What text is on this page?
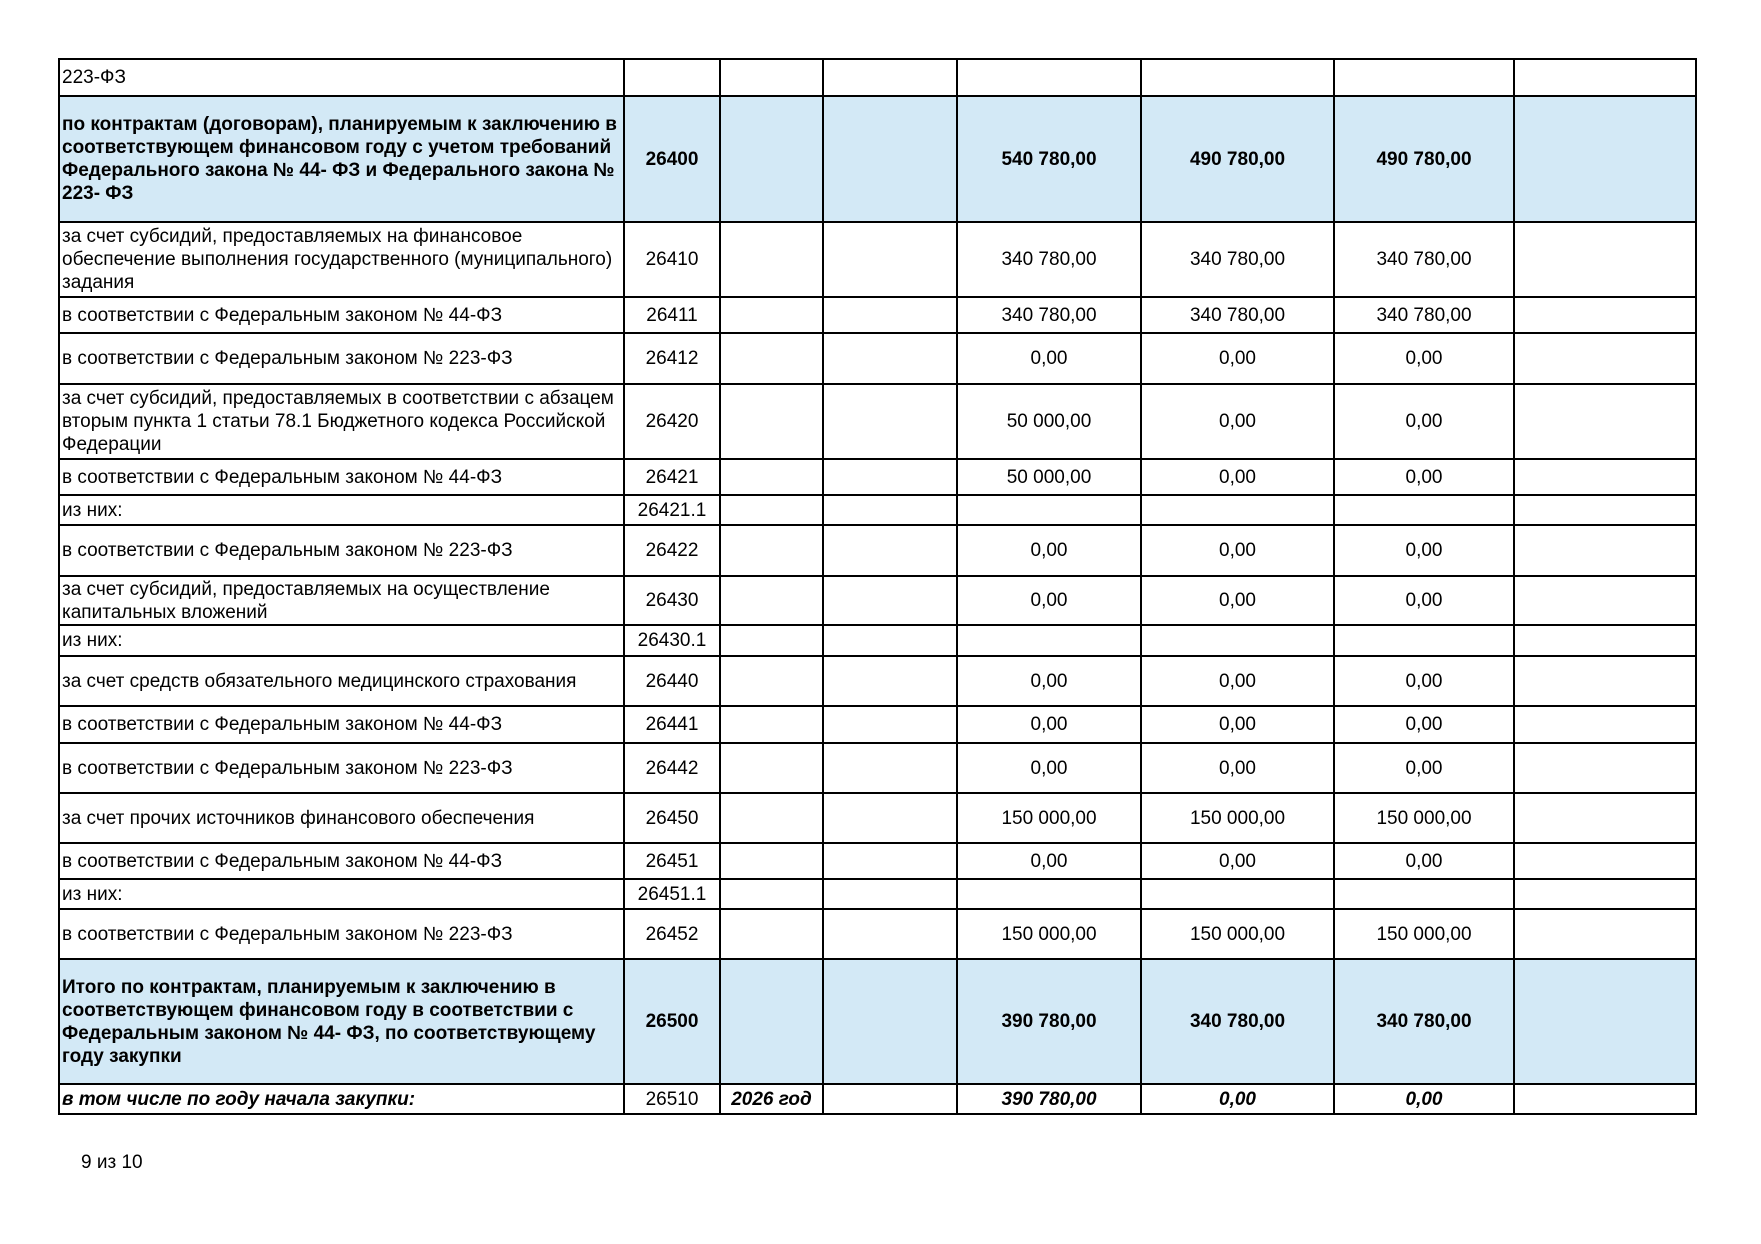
223-ФЗ							
по контрактам (договорам), планируемым к заключению в соответствующем финансовом году с учетом требований Федерального закона № 44- ФЗ и Федерального закона № 223- ФЗ	26400			540 780,00	490 780,00	490 780,00	
за счет субсидий, предоставляемых на финансовое обеспечение выполнения государственного (муниципального) задания	26410			340 780,00	340 780,00	340 780,00	
в соответствии с Федеральным законом № 44-ФЗ	26411			340 780,00	340 780,00	340 780,00	
в соответствии с Федеральным законом № 223-ФЗ	26412			0,00	0,00	0,00	
за счет субсидий, предоставляемых в соответствии с абзацем вторым пункта 1 статьи 78.1 Бюджетного кодекса Российской Федерации	26420			50 000,00	0,00	0,00	
в соответствии с Федеральным законом № 44-ФЗ	26421			50 000,00	0,00	0,00	
из них:	26421.1						
в соответствии с Федеральным законом № 223-ФЗ	26422			0,00	0,00	0,00	
за счет субсидий, предоставляемых на осуществление капитальных вложений	26430			0,00	0,00	0,00	
из них:	26430.1						
за счет средств обязательного медицинского страхования	26440			0,00	0,00	0,00	
в соответствии с Федеральным законом № 44-ФЗ	26441			0,00	0,00	0,00	
в соответствии с Федеральным законом № 223-ФЗ	26442			0,00	0,00	0,00	
за счет прочих источников финансового обеспечения	26450			150 000,00	150 000,00	150 000,00	
в соответствии с Федеральным законом № 44-ФЗ	26451			0,00	0,00	0,00	
из них:	26451.1						
в соответствии с Федеральным законом № 223-ФЗ	26452			150 000,00	150 000,00	150 000,00	
Итого по контрактам, планируемым к заключению в соответствующем финансовом году в соответствии с Федеральным законом № 44- ФЗ, по соответствующему году закупки	26500			390 780,00	340 780,00	340 780,00	
в том числе по году начала закупки:	26510	2026 год		390 780,00	0,00	0,00	
9 из 10
